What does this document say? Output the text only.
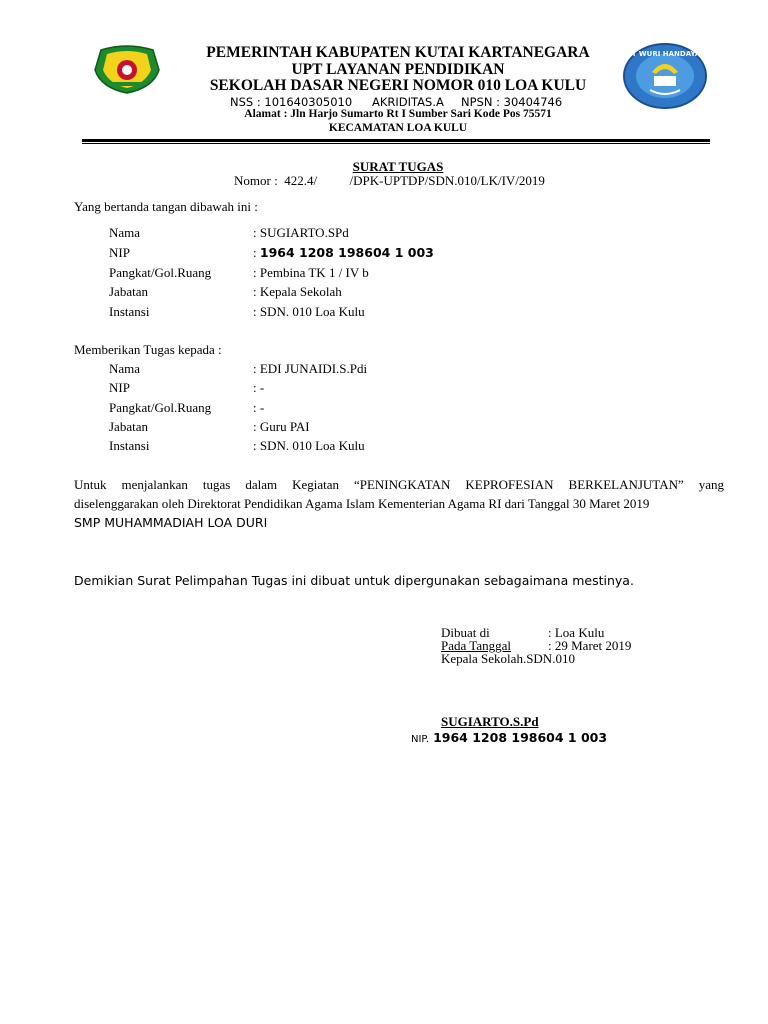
TUT WURI HANDAYANI
PEMERINTAH KABUPATEN KUTAI KARTANEGARA
UPT LAYANAN PENDIDIKAN
SEKOLAH DASAR NEGERI NOMOR 010 LOA KULU
NSS : 101640305010 AKRIDITAS.A NPSN : 30404746
Alamat : Jln Harjo Sumarto Rt I Sumber Sari Kode Pos 75571
KECAMATAN LOA KULU
SURAT TUGAS
Nomor :  422.4/          /DPK-UPTDP/SDN.010/LK/IV/2019
Yang bertanda tangan dibawah ini :
Nama	: SUGIARTO.SPd
NIP	: 1964 1208 198604 1 003
Pangkat/Gol.Ruang	: Pembina TK 1 / IV b
Jabatan	: Kepala Sekolah
Instansi	: SDN. 010 Loa Kulu
Memberikan Tugas kepada :
Nama	: EDI JUNAIDI.S.Pdi
NIP	: -
Pangkat/Gol.Ruang	: -
Jabatan	: Guru PAI
Instansi	: SDN. 010 Loa Kulu
Untuk menjalankan tugas dalam Kegiatan “PENINGKATAN KEPROFESIAN BERKELANJUTAN” yang
diselenggarakan oleh Direktorat Pendidikan Agama Islam Kementerian Agama RI dari Tanggal 30 Maret 2019
SMP MUHAMMADIAH LOA DURI
Demikian Surat Pelimpahan Tugas ini dibuat untuk dipergunakan sebagaimana mestinya.
Dibuat di	: Loa Kulu
Pada Tanggal	: 29 Maret 2019
Kepala Sekolah.SDN.010
SUGIARTO.S.Pd
NIP. 1964 1208 198604 1 003
